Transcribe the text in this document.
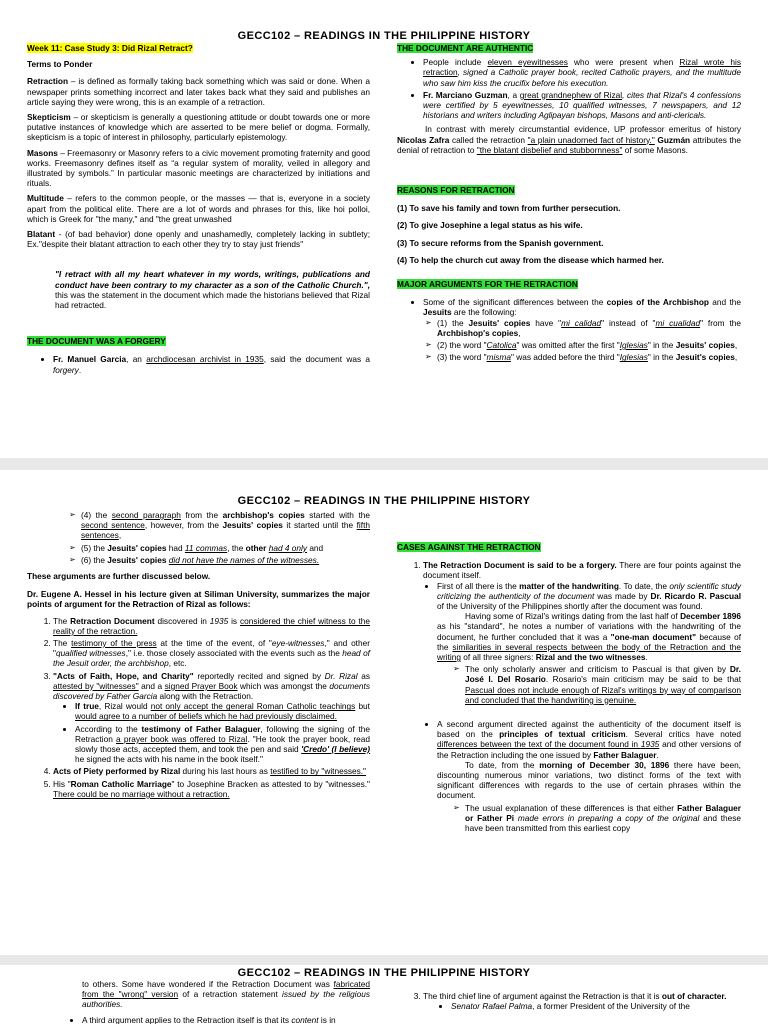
GECC102 – READINGS IN THE PHILIPPINE HISTORY

Week 11: Case Study 3: Did Rizal Retract?

Terms to Ponder

Retraction – is defined as formally taking back something which was said or done. When a newspaper prints something incorrect and later takes back what they said and publishes an article saying they were wrong, this is an example of a retraction.

Skepticism – or skepticism is generally a questioning attitude or doubt towards one or more putative instances of knowledge which are asserted to be mere belief or dogma. Formally, skepticism is a topic of interest in philosophy, particularly epistemology.

Masons – Freemasonry or Masonry refers to a civic movement promoting fraternity and good works. Freemasonry defines itself as “a regular system of morality, veiled in allegory and illustrated by symbols.” In particular masonic meetings are characterized by initiations and rituals.

Multitude – refers to the common people, or the masses — that is, everyone in a society apart from the political elite. There are a lot of words and phrases for this, like hoi polloi, which is Greek for "the many," and "the great unwashed

Blatant - (of bad behavior) done openly and unashamedly, completely lacking in subtlety; Ex."despite their blatant attraction to each other they try to stay just friends"

"I retract with all my heart whatever in my words, writings, publications and conduct have been contrary to my character as a son of the Catholic Church.", this was the statement in the document which made the historians believed that Rizal had retracted.

THE DOCUMENT WAS A FORGERY

• Fr. Manuel Garcia, an archdiocesan archivist in 1935, said the document was a forgery.

THE DOCUMENT ARE AUTHENTIC

• People include eleven eyewitnesses who were present when Rizal wrote his retraction, signed a Catholic prayer book, recited Catholic prayers, and the multitude who saw him kiss the crucifix before his execution.
• Fr. Marciano Guzman, a great grandnephew of Rizal, cites that Rizal's 4 confessions were certified by 5 eyewitnesses, 10 qualified witnesses, 7 newspapers, and 12 historians and writers including Aglipayan bishops, Masons and anti-clericals.

In contrast with merely circumstantial evidence, UP professor emeritus of history Nicolas Zafra called the retraction "a plain unadorned fact of history." Guzmán attributes the denial of retraction to "the blatant disbelief and stubbornness" of some Masons.

REASONS FOR RETRACTION

(1) To save his family and town from further persecution.

(2) To give Josephine a legal status as his wife.

(3) To secure reforms from the Spanish government.

(4) To help the church cut away from the disease which harmed her.

MAJOR ARGUMENTS FOR THE RETRACTION

• Some of the significant differences between the copies of the Archbishop and the Jesuits are the following:
➢ (1) the Jesuits' copies have "mi calidad" instead of "mi cualidad" from the Archbishop's copies,
➢ (2) the word "Catolica" was omitted after the first "Iglesias" in the Jesuits' copies,
➢ (3) the word "misma" was added before the third "Iglesias" in the Jesuit's copies,
GECC102 – READINGS IN THE PHILIPPINE HISTORY
➢ (4) the second paragraph from the archbishop's copies started with the second sentence, however, from the Jesuits' copies it started until the fifth sentences,
➢ (5) the Jesuits' copies had 11 commas, the other had 4 only and
➢ (6) the Jesuits' copies did not have the names of the witnesses.

These arguments are further discussed below.

Dr. Eugene A. Hessel in his lecture given at Siliman University, summarizes the major points of argument for the Retraction of Rizal as follows:

1. The Retraction Document discovered in 1935 is considered the chief witness to the reality of the retraction.
2. The testimony of the press at the time of the event, of "eye-witnesses," and other "qualified witnesses," i.e. those closely associated with the events such as the head of the Jesuit order, the archbishop, etc.
3. "Acts of Faith, Hope, and Charity" reportedly recited and signed by Dr. Rizal as attested by "witnesses" and a signed Prayer Book which was amongst the documents discovered by Father Garcia along with the Retraction.
• If true, Rizal would not only accept the general Roman Catholic teachings but would agree to a number of beliefs which he had previously disclaimed.
• According to the testimony of Father Balaguer, following the signing of the Retraction a prayer book was offered to Rizal. "He took the prayer book, read slowly those acts, accepted them, and took the pen and said 'Credo' (I believe) he signed the acts with his name in the book itself."
4. Acts of Piety performed by Rizal during his last hours as testified to by "witnesses."
5. His "Roman Catholic Marriage" to Josephine Bracken as attested to by "witnesses." There could be no marriage without a retraction.

CASES AGAINST THE RETRACTION

1. The Retraction Document is said to be a forgery. There are four points against the document itself.
• First of all there is the matter of the handwriting. To date, the only scientific study criticizing the authenticity of the document was made by Dr. Ricardo R. Pascual of the University of the Philippines shortly after the document was found.

Having some of Rizal's writings dating from the last half of December 1896 as his "standard", he notes a number of variations with the handwriting of the document, he further concluded that it was a "one-man document" because of the similarities in several respects between the body of the Retraction and the writing of all three signers: Rizal and the two witnesses.

➢ The only scholarly answer and criticism to Pascual is that given by Dr. José I. Del Rosario. Rosario's main criticism may be said to be that Pascual does not include enough of Rizal's writings by way of comparison and concluded that the handwriting is genuine.
• A second argument directed against the authenticity of the document itself is based on the principles of textual criticism. Several critics have noted differences between the text of the document found in 1935 and other versions of the Retraction including the one issued by Father Balaguer.

To date, from the morning of December 30, 1896 there have been, discounting numerous minor variations, two distinct forms of the text with significant differences with regards to the use of certain phrases within the document.

➢ The usual explanation of these differences is that either Father Balaguer or Father Pi made errors in preparing a copy of the original and these have been transmitted from this earliest copy
GECC102 – READINGS IN THE PHILIPPINE HISTORY
to others. Some have wondered if the Retraction Document was fabricated from the "wrong" version of a retraction statement issued by the religious authorities.
• A third argument applies to the Retraction itself is that its content is in
3. The third chief line of argument against the Retraction is that it is out of character.
• Senator Rafael Palma, a former President of the University of the
